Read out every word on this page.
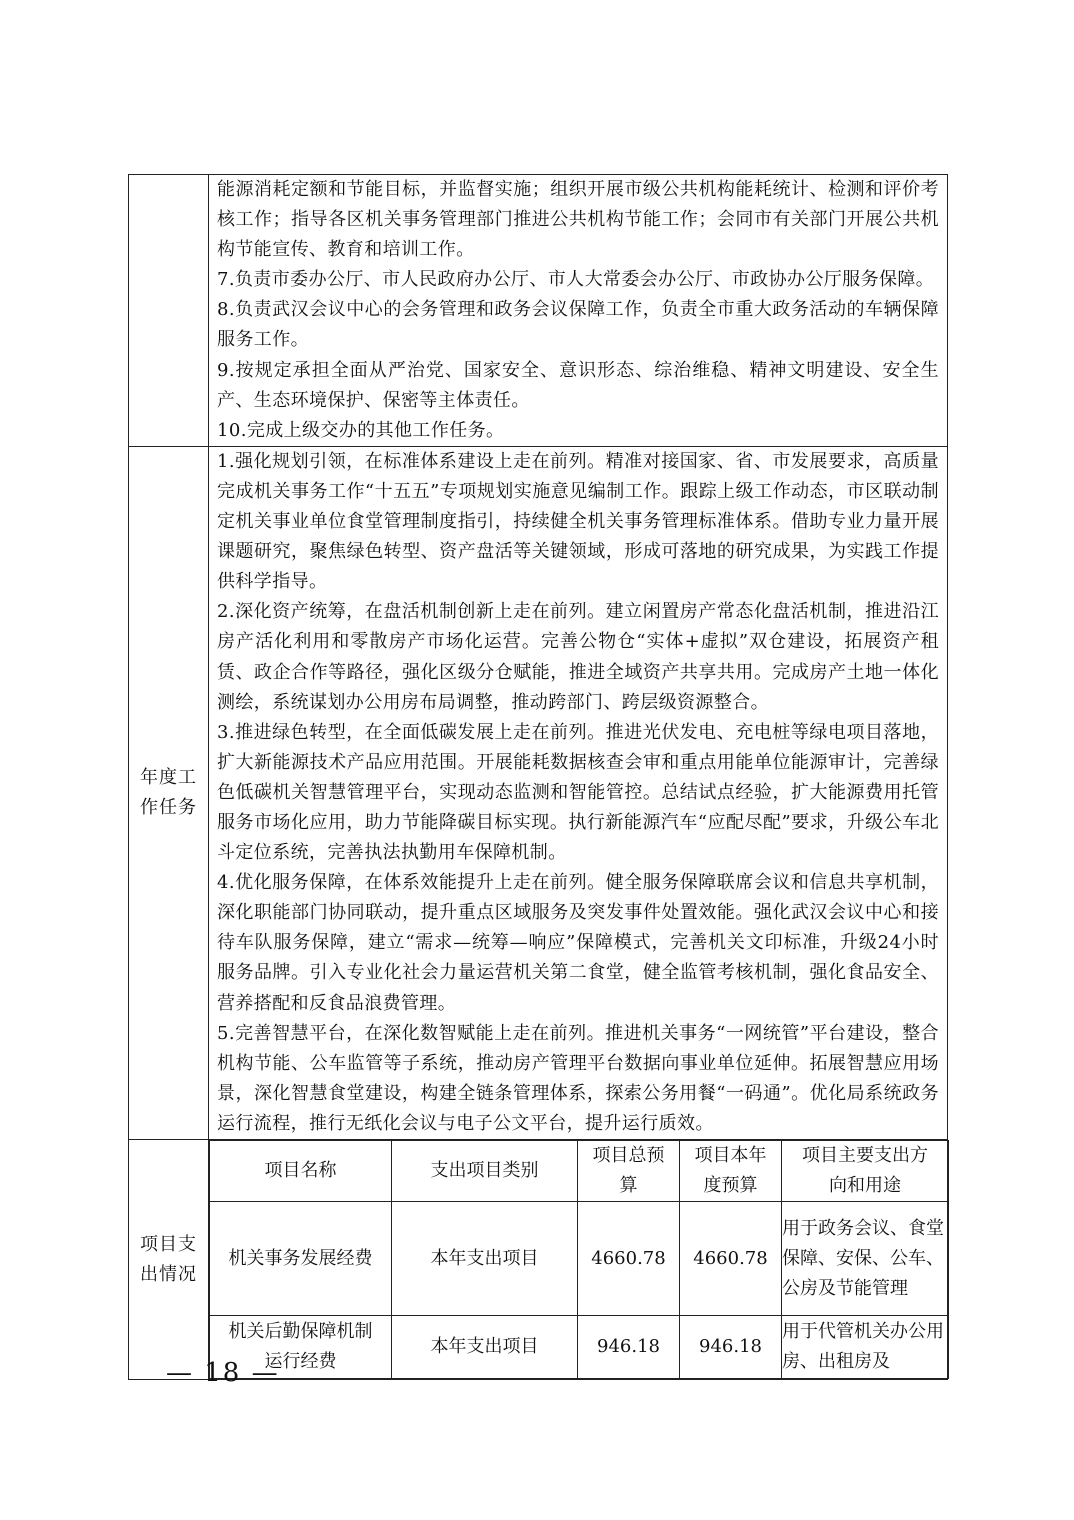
能源消耗定额和节能目标，并监督实施；组织开展市级公共机构能耗统计、检测和评价考核工作；指导各区机关事务管理部门推进公共机构节能工作；会同市有关部门开展公共机构节能宣传、教育和培训工作。
7.负责市委办公厅、市人民政府办公厅、市人大常委会办公厅、市政协办公厅服务保障。
8.负责武汉会议中心的会务管理和政务会议保障工作，负责全市重大政务活动的车辆保障服务工作。
9.按规定承担全面从严治党、国家安全、意识形态、综治维稳、精神文明建设、安全生产、生态环境保护、保密等主体责任。
10.完成上级交办的其他工作任务。

年度工作任务	
1.强化规划引领，在标准体系建设上走在前列。精准对接国家、省、市发展要求，高质量完成机关事务工作“十五五”专项规划实施意见编制工作。跟踪上级工作动态，市区联动制定机关事业单位食堂管理制度指引，持续健全机关事务管理标准体系。借助专业力量开展课题研究，聚焦绿色转型、资产盘活等关键领域，形成可落地的研究成果，为实践工作提供科学指导。
2.深化资产统筹，在盘活机制创新上走在前列。建立闲置房产常态化盘活机制，推进沿江房产活化利用和零散房产市场化运营。完善公物仓“实体+虚拟”双仓建设，拓展资产租赁、政企合作等路径，强化区级分仓赋能，推进全域资产共享共用。完成房产土地一体化测绘，系统谋划办公用房布局调整，推动跨部门、跨层级资源整合。
3.推进绿色转型，在全面低碳发展上走在前列。推进光伏发电、充电桩等绿电项目落地，扩大新能源技术产品应用范围。开展能耗数据核查会审和重点用能单位能源审计，完善绿色低碳机关智慧管理平台，实现动态监测和智能管控。总结试点经验，扩大能源费用托管服务市场化应用，助力节能降碳目标实现。执行新能源汽车“应配尽配”要求，升级公车北斗定位系统，完善执法执勤用车保障机制。
4.优化服务保障，在体系效能提升上走在前列。健全服务保障联席会议和信息共享机制，深化职能部门协同联动，提升重点区域服务及突发事件处置效能。强化武汉会议中心和接待车队服务保障，建立“需求—统筹—响应”保障模式，完善机关文印标准，升级24小时服务品牌。引入专业化社会力量运营机关第二食堂，健全监管考核机制，强化食品安全、营养搭配和反食品浪费管理。
5.完善智慧平台，在深化数智赋能上走在前列。推进机关事务“一网统管”平台建设，整合机构节能、公车监管等子系统，推动房产管理平台数据向事业单位延伸。拓展智慧应用场景，深化智慧食堂建设，构建全链条管理体系，探索公务用餐“一码通”。优化局系统政务运行流程，推行无纸化会议与电子公文平台，提升运行质效。

项目支出情况	
项目名称	支出项目类别	项目总预算	项目本年度预算	项目主要支出方向和用途
机关事务发展经费	本年支出项目	4660.78	4660.78	用于政务会议、食堂保障、安保、公车、公房及节能管理
机关后勤保障机制运行经费	本年支出项目	946.18	946.18	用于代管机关办公用房、出租房及
— 18 —
